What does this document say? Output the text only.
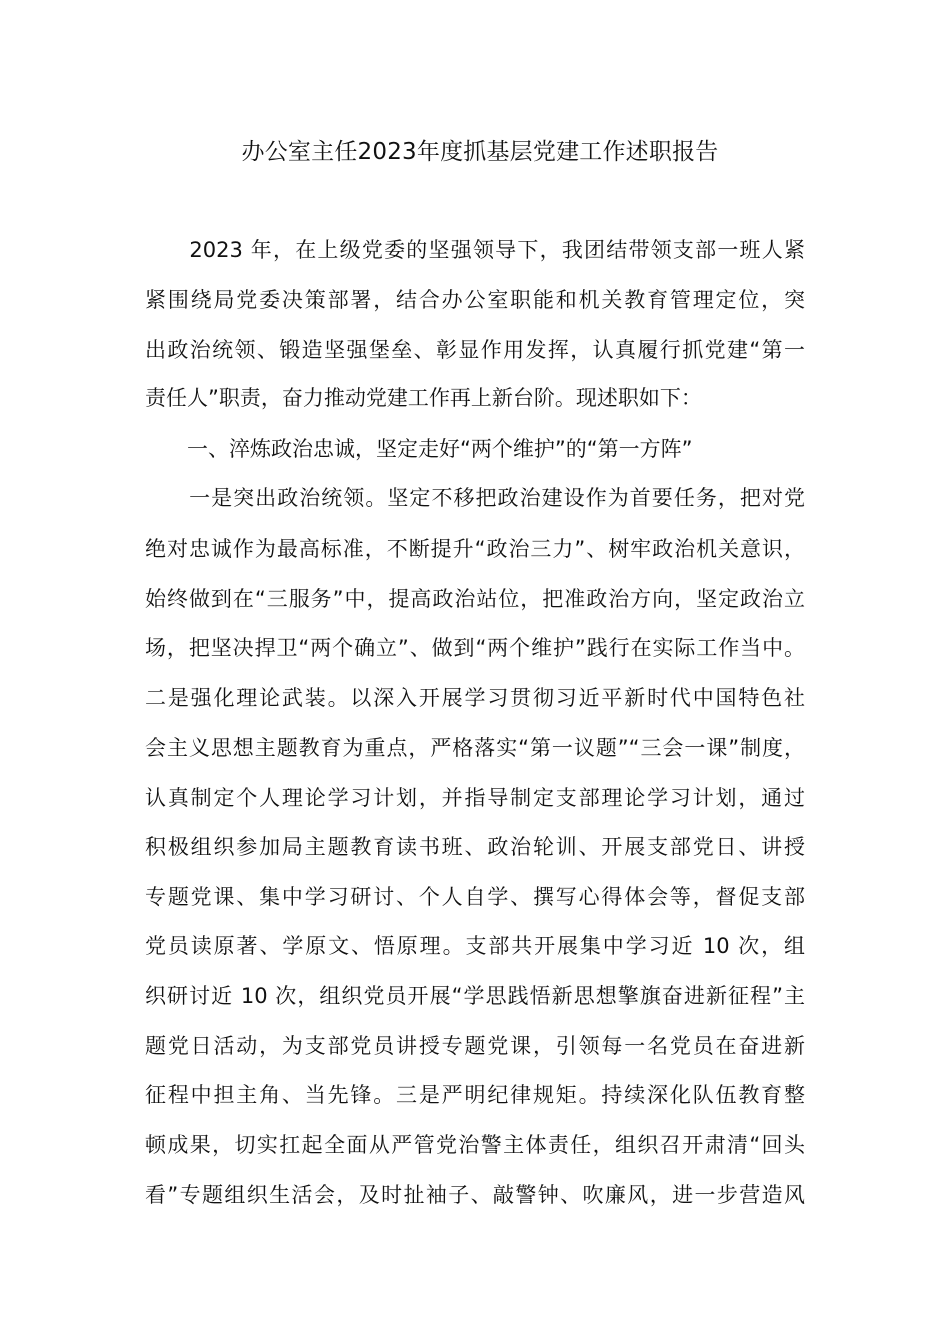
办公室主任2023年度抓基层党建工作述职报告
　　2023 年，在上级党委的坚强领导下，我团结带领支部一班人紧
紧围绕局党委决策部署，结合办公室职能和机关教育管理定位，突
出政治统领、锻造坚强堡垒、彰显作用发挥，认真履行抓党建“第一
责任人”职责，奋力推动党建工作再上新台阶。现述职如下：
　　一、淬炼政治忠诚，坚定走好“两个维护”的“第一方阵”
　　一是突出政治统领。坚定不移把政治建设作为首要任务，把对党
绝对忠诚作为最高标准，不断提升“政治三力”、树牢政治机关意识，
始终做到在“三服务”中，提高政治站位，把准政治方向，坚定政治立
场，把坚决捍卫“两个确立”、做到“两个维护”践行在实际工作当中。
二是强化理论武装。以深入开展学习贯彻习近平新时代中国特色社
会主义思想主题教育为重点，严格落实“第一议题”“三会一课”制度，
认真制定个人理论学习计划，并指导制定支部理论学习计划，通过
积极组织参加局主题教育读书班、政治轮训、开展支部党日、讲授
专题党课、集中学习研讨、个人自学、撰写心得体会等，督促支部
党员读原著、学原文、悟原理。支部共开展集中学习近 10 次，组
织研讨近 10 次，组织党员开展“学思践悟新思想擎旗奋进新征程”主
题党日活动，为支部党员讲授专题党课，引领每一名党员在奋进新
征程中担主角、当先锋。三是严明纪律规矩。持续深化队伍教育整
顿成果，切实扛起全面从严管党治警主体责任，组织召开肃清“回头
看”专题组织生活会，及时扯袖子、敲警钟、吹廉风，进一步营造风
